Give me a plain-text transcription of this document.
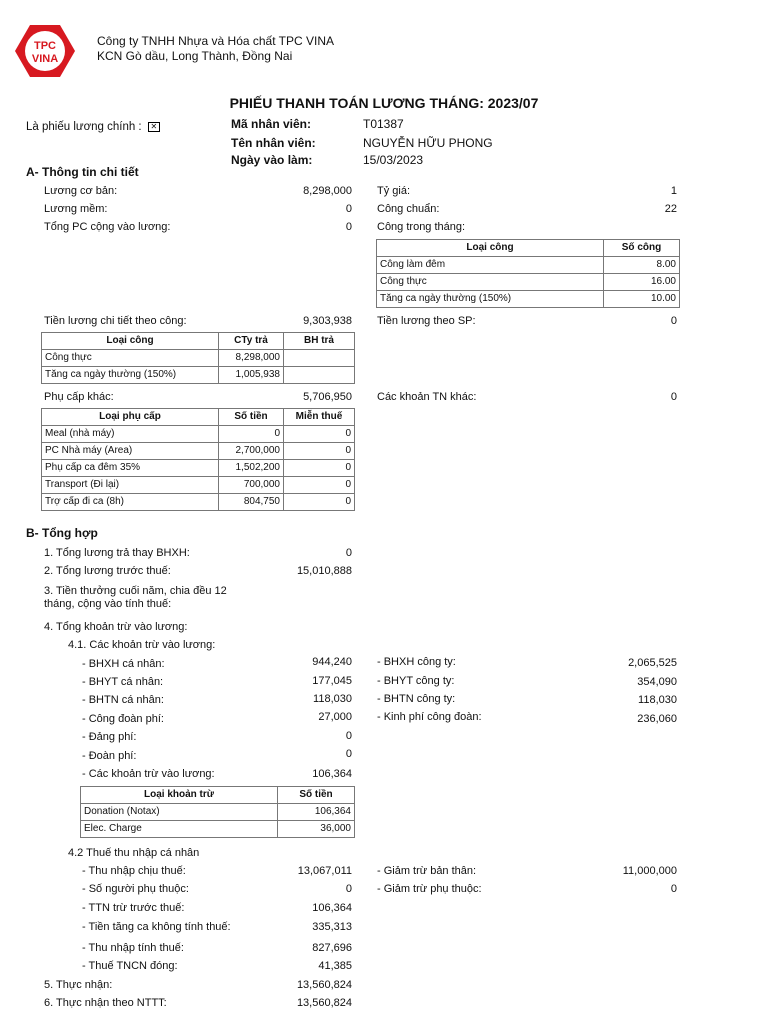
TPC
VINA
Công ty TNHH Nhựa và Hóa chất TPC VINA
KCN Gò dầu, Long Thành, Đồng Nai
PHIẾU THANH TOÁN LƯƠNG THÁNG: 2023/07
Là phiếu lương chính : ✕	Mã nhân viên:	T01387
Tên nhân viên:	NGUYỄN HỮU PHONG
Ngày vào làm:	15/03/2023
A- Thông tin chi tiết
Lương cơ bản:	8,298,000
Lương mềm:	0
Tổng PC cộng vào lương:	0
Tỷ giá:	1
Công chuẩn:	22
Công trong tháng:
Loại công	Số công
Công làm đêm	8.00
Công thực	16.00
Tăng ca ngày thường (150%)	10.00
Tiền lương chi tiết theo công:	9,303,938 Tiền lương theo SP:	0
Loại công	CTy trả	BH trả
Công thực	8,298,000	
Tăng ca ngày thường (150%)	1,005,938	
Phụ cấp khác:	5,706,950 Các khoản TN khác:	0
Loại phụ cấp	Số tiền	Miễn thuế
Meal (nhà máy)	0	0
PC Nhà máy (Area)	2,700,000	0
Phụ cấp ca đêm 35%	1,502,200	0
Transport (Đi lại)	700,000	0
Trợ cấp đi ca (8h)	804,750	0
B- Tổng hợp
1. Tổng lương trả thay BHXH:	0
2. Tổng lương trước thuế:	15,010,888
3. Tiền thưởng cuối năm, chia đều 12
tháng, cộng vào tính thuế:
4. Tổng khoản trừ vào lương:
4.1. Các khoản trừ vào lương:
- BHXH cá nhân:	944,240
- BHYT cá nhân:	177,045
- BHTN cá nhân:	118,030
- Công đoàn phí:	27,000
- Đảng phí:	0
- Đoàn phí:	0
- Các khoản trừ vào lương:	106,364
- BHXH công ty:	2,065,525
- BHYT công ty:	354,090
- BHTN công ty:	118,030
- Kinh phí công đoàn:	236,060
Loại khoản trừ	Số tiền
Donation (Notax)	106,364
Elec. Charge	36,000
4.2 Thuế thu nhập cá nhân
- Thu nhập chịu thuế:	13,067,011
- Số người phụ thuộc:	0
- TTN trừ trước thuế:	106,364
- Tiền tăng ca không tính thuế:	335,313
- Thu nhập tính thuế:	827,696
- Thuế TNCN đóng:	41,385
- Giảm trừ bản thân:	11,000,000
- Giảm trừ phụ thuộc:	0
5. Thực nhận:	13,560,824
6. Thực nhận theo NTTT:	13,560,824
